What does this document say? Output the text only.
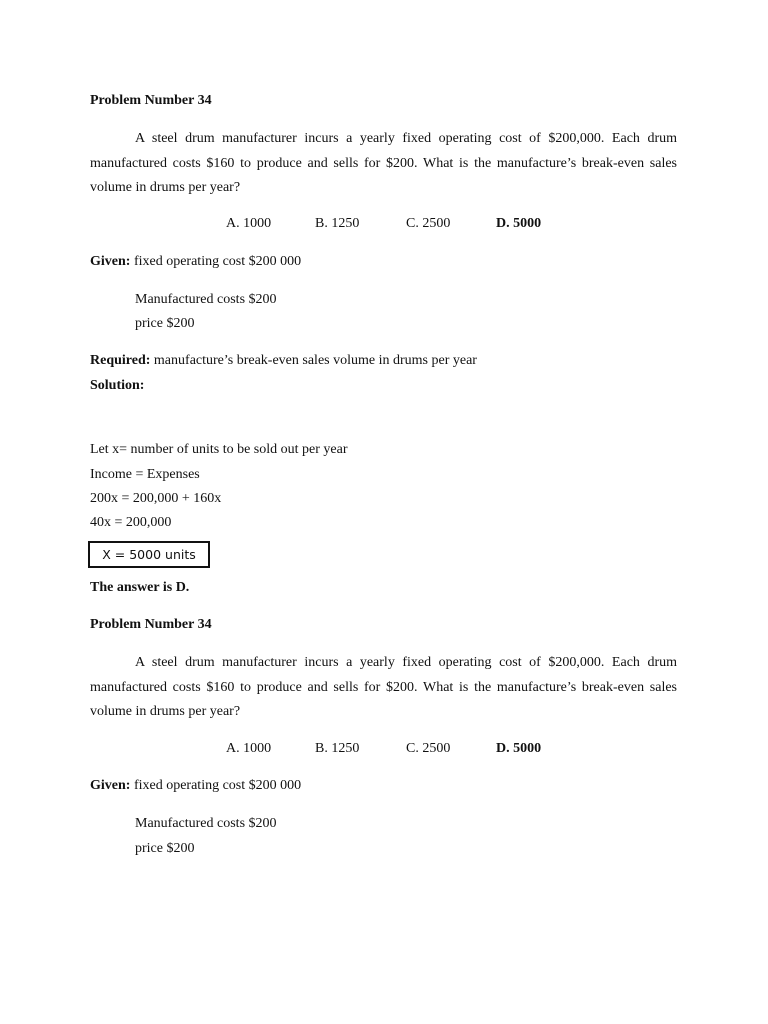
Problem Number 34
A steel drum manufacturer incurs a yearly fixed operating cost of $200,000. Each drum manufactured costs $160 to produce and sells for $200. What is the manufacture’s break-even sales volume in drums per year?
A. 1000	B. 1250	C. 2500	D. 5000
Given: fixed operating cost $200 000
Manufactured costs $200
price $200
Required: manufacture’s break-even sales volume in drums per year
Solution:
Let x= number of units to be sold out per year
Income = Expenses
200x = 200,000 + 160x
40x = 200,000
X = 5000 units
The answer is D.
Problem Number 34
A steel drum manufacturer incurs a yearly fixed operating cost of $200,000. Each drum manufactured costs $160 to produce and sells for $200. What is the manufacture’s break-even sales volume in drums per year?
A. 1000	B. 1250	C. 2500	D. 5000
Given: fixed operating cost $200 000
Manufactured costs $200
price $200
